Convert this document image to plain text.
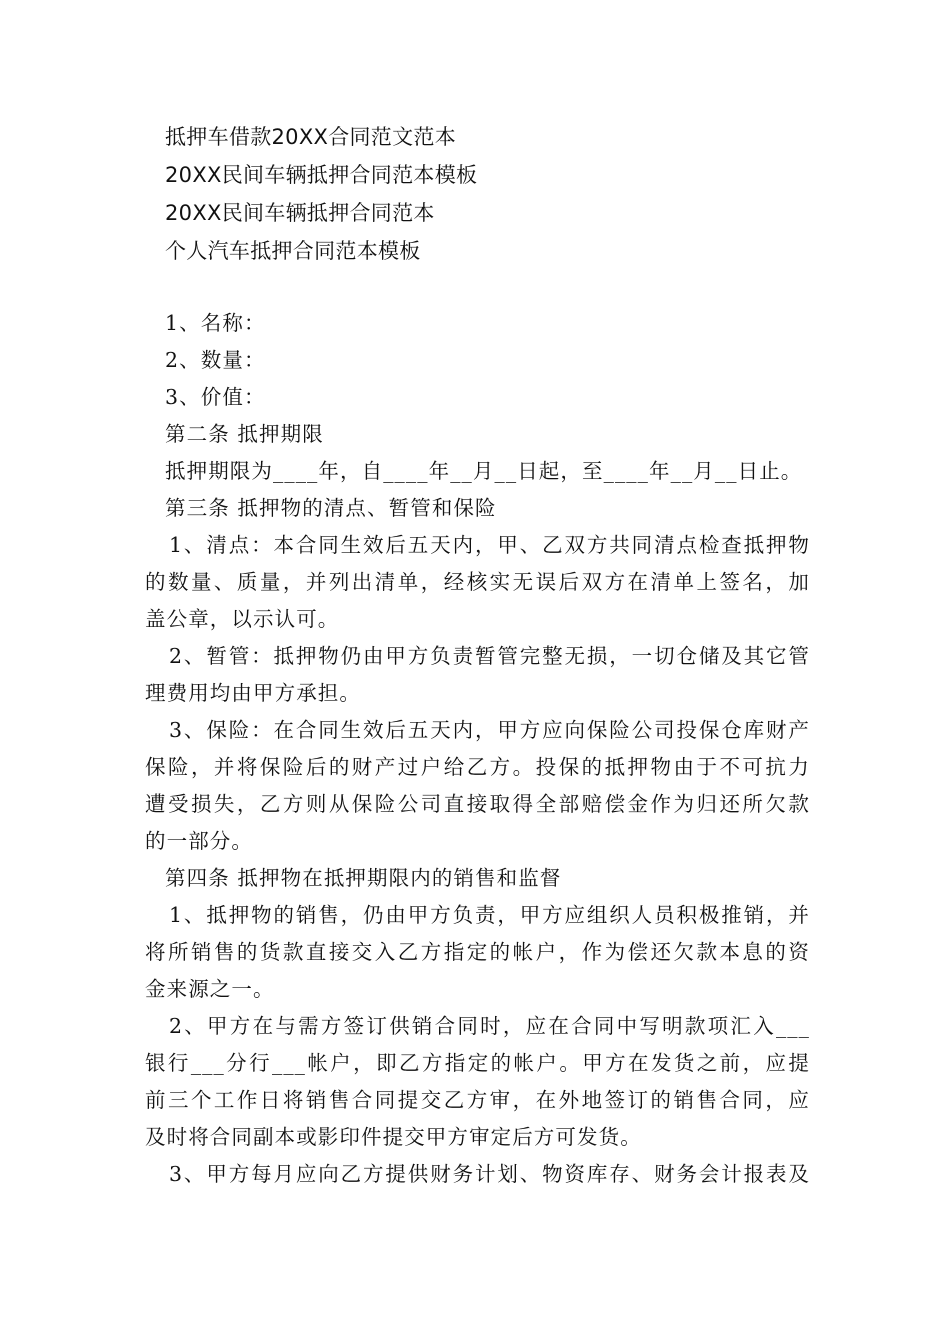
抵押车借款20XX合同范文范本
20XX民间车辆抵押合同范本模板
20XX民间车辆抵押合同范本
个人汽车抵押合同范本模板
1、名称：
2、数量：
3、价值：
第二条 抵押期限
抵押期限为____年，自____年__月__日起，至____年__月__日止。
第三条 抵押物的清点、暂管和保险
1、清点：本合同生效后五天内，甲、乙双方共同清点检查抵押物
的数量、质量，并列出清单，经核实无误后双方在清单上签名，加
盖公章，以示认可。
2、暂管：抵押物仍由甲方负责暂管完整无损，一切仓储及其它管
理费用均由甲方承担。
3、保险：在合同生效后五天内，甲方应向保险公司投保仓库财产
保险，并将保险后的财产过户给乙方。投保的抵押物由于不可抗力
遭受损失，乙方则从保险公司直接取得全部赔偿金作为归还所欠款
的一部分。
第四条 抵押物在抵押期限内的销售和监督
1、抵押物的销售，仍由甲方负责，甲方应组织人员积极推销，并
将所销售的货款直接交入乙方指定的帐户，作为偿还欠款本息的资
金来源之一。
2、甲方在与需方签订供销合同时，应在合同中写明款项汇入___
银行___分行___帐户，即乙方指定的帐户。甲方在发货之前，应提
前三个工作日将销售合同提交乙方审，在外地签订的销售合同，应
及时将合同副本或影印件提交甲方审定后方可发货。
3、甲方每月应向乙方提供财务计划、物资库存、财务会计报表及
